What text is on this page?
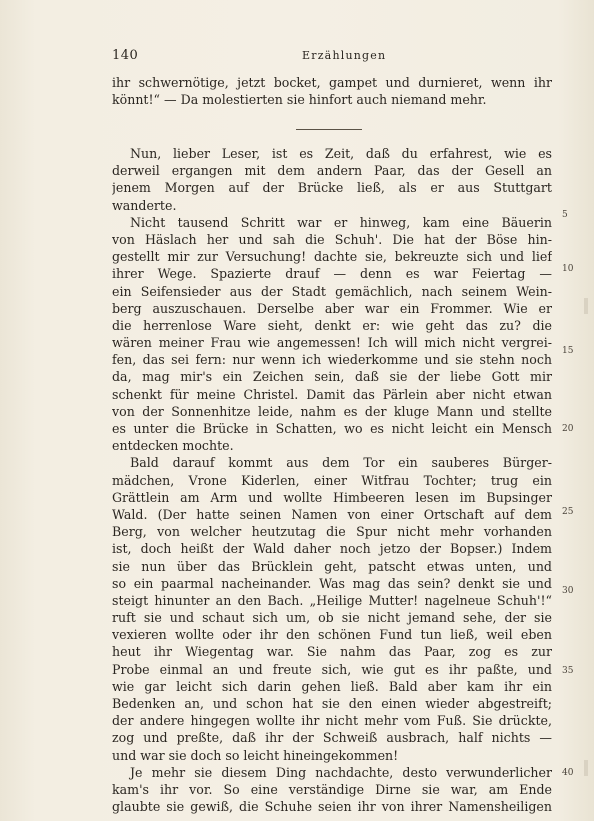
140	Erzählungen
ihr schwernötige, jetzt bocket, gampet und durnieret, wenn ihr
könnt!“ — Da molestierten sie hinfort auch niemand mehr.
Nun, lieber Leser, ist es Zeit, daß du erfahrest, wie es
derweil ergangen mit dem andern Paar, das der Gesell an
jenem Morgen auf der Brücke ließ, als er aus Stuttgart
wanderte.
Nicht tausend Schritt war er hinweg, kam eine Bäuerin
von Häslach her und sah die Schuh'. Die hat der Böse hin-
gestellt mir zur Versuchung! dachte sie, bekreuzte sich und lief
ihrer Wege. Spazierte drauf — denn es war Feiertag —
ein Seifensieder aus der Stadt gemächlich, nach seinem Wein-
berg auszuschauen. Derselbe aber war ein Frommer. Wie er
die herrenlose Ware sieht, denkt er: wie geht das zu? die
wären meiner Frau wie angemessen! Ich will mich nicht vergrei-
fen, das sei fern: nur wenn ich wiederkomme und sie stehn noch
da, mag mir's ein Zeichen sein, daß sie der liebe Gott mir
schenkt für meine Christel. Damit das Pärlein aber nicht etwan
von der Sonnenhitze leide, nahm es der kluge Mann und stellte
es unter die Brücke in Schatten, wo es nicht leicht ein Mensch
entdecken mochte.
Bald darauf kommt aus dem Tor ein sauberes Bürger-
mädchen, Vrone Kiderlen, einer Witfrau Tochter; trug ein
Grättlein am Arm und wollte Himbeeren lesen im Bupsinger
Wald. (Der hatte seinen Namen von einer Ortschaft auf dem
Berg, von welcher heutzutag die Spur nicht mehr vorhanden
ist, doch heißt der Wald daher noch jetzo der Bopser.) Indem
sie nun über das Brücklein geht, patscht etwas unten, und
so ein paarmal nacheinander. Was mag das sein? denkt sie und
steigt hinunter an den Bach. „Heilige Mutter! nagelneue Schuh'!“
ruft sie und schaut sich um, ob sie nicht jemand sehe, der sie
vexieren wollte oder ihr den schönen Fund tun ließ, weil eben
heut ihr Wiegentag war. Sie nahm das Paar, zog es zur
Probe einmal an und freute sich, wie gut es ihr paßte, und
wie gar leicht sich darin gehen ließ. Bald aber kam ihr ein
Bedenken an, und schon hat sie den einen wieder abgestreift;
der andere hingegen wollte ihr nicht mehr vom Fuß. Sie drückte,
zog und preßte, daß ihr der Schweiß ausbrach, half nichts —
und war sie doch so leicht hineingekommen!
Je mehr sie diesem Ding nachdachte, desto verwunderlicher
kam's ihr vor. So eine verständige Dirne sie war, am Ende
glaubte sie gewiß, die Schuhe seien ihr von ihrer Namensheiligen
5
10
15
20
25
30
35
40
